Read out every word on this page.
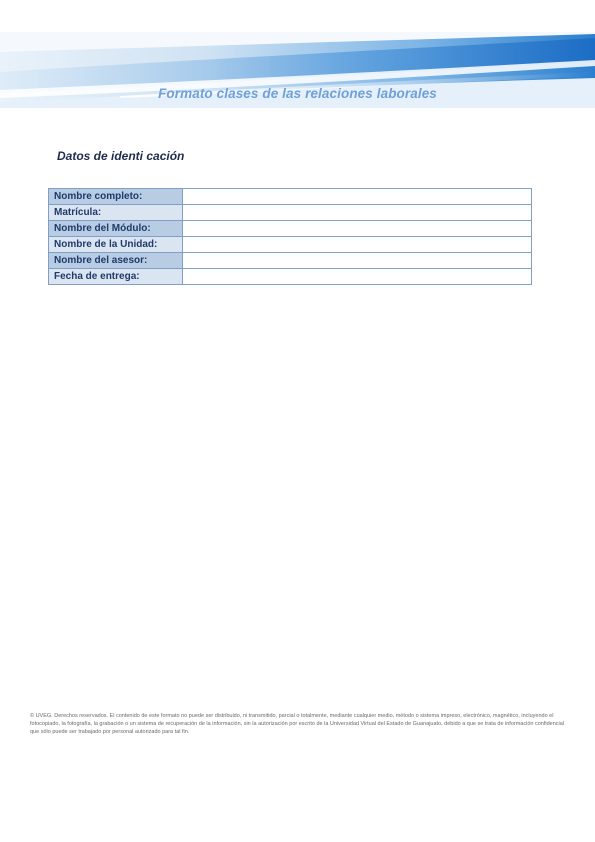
Formato clases de las relaciones laborales
Datos de identi cación
Nombre completo:	
Matrícula:	
Nombre del Módulo:	
Nombre de la Unidad:	
Nombre del asesor:	
Fecha de entrega:	
© UVEG. Derechos reservados. El contenido de este formato no puede ser distribuido, ni transmitido, parcial o totalmente, mediante cualquier medio, método o sistema impreso, electrónico, magnético, incluyendo el fotocopiado, la fotografía, la grabación o un sistema de recuperación de la información, sin la autorización por escrito de la Universidad Virtual del Estado de Guanajuato, debido a que se trata de información confidencial que sólo puede ser trabajado por personal autorizado para tal fin.
